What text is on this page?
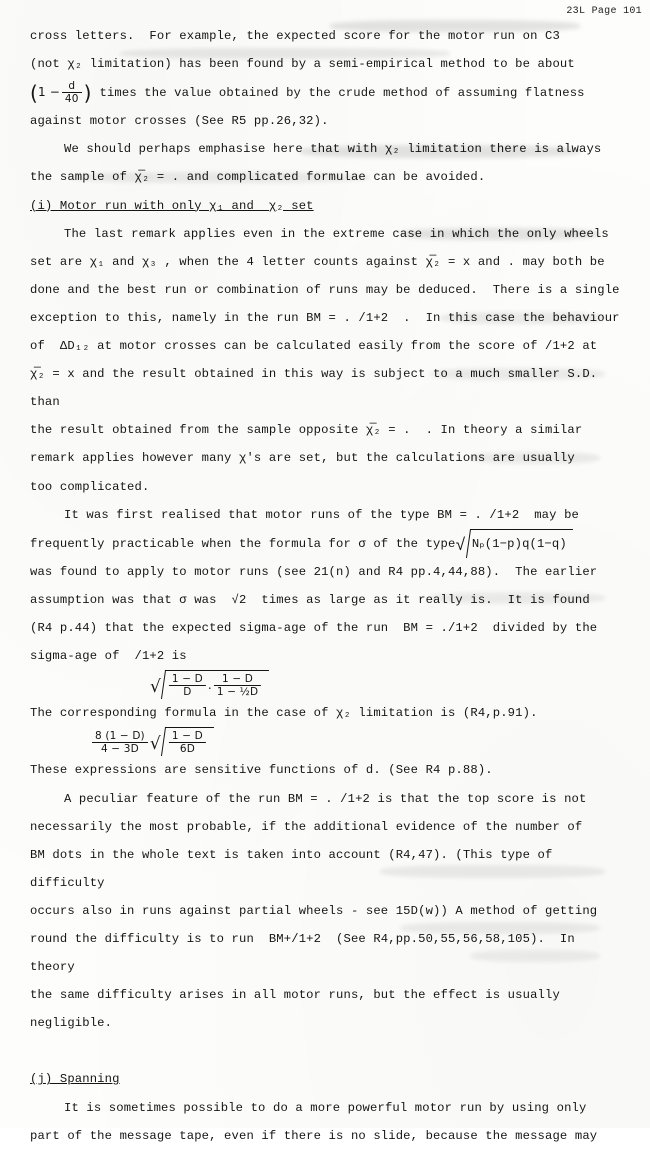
23L Page 101

cross letters.  For example, the expected score for the motor run on C3
(not χ₂ limitation) has been found by a semi-empirical method to be about

($1 - \frac{d}{40}$ ) times the value obtained by the crude method of assuming flatness

against motor crosses (See R5 pp.26,32).

We should perhaps emphasise here that with χ₂ limitation there is always
the sample of χ̅₂ = . and complicated formulae can be avoided.

(i) Motor run with only χ₁ and  χ₂ set

The last remark applies even in the extreme case in which the only wheels
set are χ₁ and χ₃ , when the 4 letter counts against χ̅₂ = x and . may both be
done and the best run or combination of runs may be deduced.  There is a single
exception to this, namely in the run BM = . /1+2  .  In this case the behaviour
of  ΔD₁₂ at motor crosses can be calculated easily from the score of /1+2 at
χ̅₂ = x and the result obtained in this way is subject to a much smaller S.D. than
the result obtained from the sample opposite χ̅₂ = .  . In theory a similar
remark applies however many χ's are set, but the calculations are usually
too complicated.

It was first realised that motor runs of the type BM = . /1+2  may be

frequently practicable when the formula for σ of the type√ Nₚ(1−p)q(1−q)

was found to apply to motor runs (see 21(n) and R4 pp.4,44,88).  The earlier
assumption was that σ was  √2  times as large as it really is.  It is found
(R4 p.44) that the expected sigma-age of the run  BM = ./1+2  divided by the
sigma-age of  /1+2 is

√ $\frac{1 - D}{D}$ . $\frac{1 - D}{\text{1 − ½D}}$

The corresponding formula in the case of χ₂ limitation is (R4,p.91).

$\frac{8 (1 - D)}{4 - 3D}$ √ $\frac{1 - D}{6D}$

These expressions are sensitive functions of d. (See R4 p.88).

A peculiar feature of the run BM = . /1+2 is that the top score is not
necessarily the most probable, if the additional evidence of the number of
BM dots in the whole text is taken into account (R4,47). (This type of difficulty
occurs also in runs against partial wheels - see 15D(w)) A method of getting
round the difficulty is to run  BM+/1+2  (See R4,pp.50,55,56,58,105).  In theory
the same difficulty arises in all motor runs, but the effect is usually
negligible.

(j) Spanning

It is sometimes possible to do a more powerful motor run by using only
part of the message tape, even if there is no slide, because the message may
